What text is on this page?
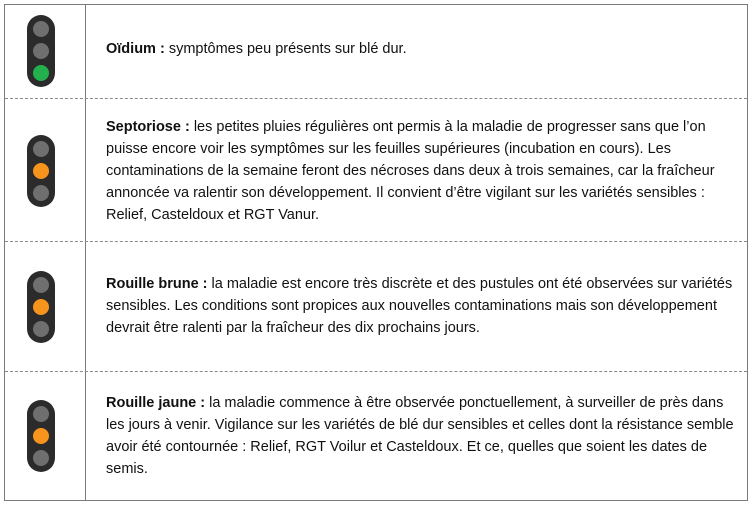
Oïdium : symptômes peu présents sur blé dur.
Septoriose : les petites pluies régulières ont permis à la maladie de progresser sans que l’on puisse encore voir les symptômes sur les feuilles supérieures (incubation en cours). Les contaminations de la semaine feront des nécroses dans deux à trois semaines, car la fraîcheur annoncée va ralentir son développement. Il convient d’être vigilant sur les variétés sensibles : Relief, Casteldoux et RGT Vanur.
Rouille brune : la maladie est encore très discrète et des pustules ont été observées sur variétés sensibles. Les conditions sont propices aux nouvelles contaminations mais son développement devrait être ralenti par la fraîcheur des dix prochains jours.
Rouille jaune : la maladie commence à être observée ponctuellement, à surveiller de près dans les jours à venir. Vigilance sur les variétés de blé dur sensibles et celles dont la résistance semble avoir été contournée : Relief, RGT Voilur et Casteldoux. Et ce, quelles que soient les dates de semis.
